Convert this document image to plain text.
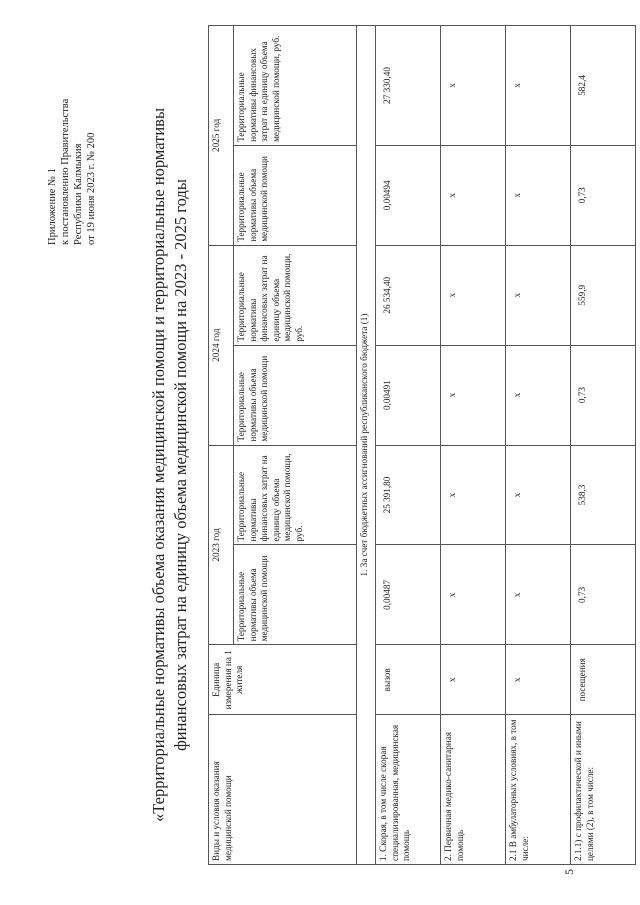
5
Приложение № 1 к постановлению Правительства Республики Калмыкия от 19 июня 2023 г. № 200	«Территориальные нормативы объема оказания медицинской помощи и территориальные нормативы финансовых затрат на единицу объема медицинской помощи на 2023 - 2025 годы
Виды и условия оказания медицинской помощи	Единица измерения на 1 жителя	2023 год		2024 год		2025 год	
		Территориальные нормативы объема медицинской помощи	Территориальные нормативы финансовых затрат на единицу объема медицинской помощи, руб.	Территориальные нормативы объема медицинской помощи	Территориальные нормативы финансовых затрат на единицу объема медицинской помощи, руб.	Территориальные нормативы объема медицинской помощи	Территориальные нормативы финансовых затрат на единицу объема медицинской помощи, руб.
1. За счет бюджетных ассигнований республиканского бюджета (1)							
1. Скорая, в том числе скорая специализированная, медицинская помощь	вызов	0,00487	25 391,80	0,00491	26 534,40	0,00494	27 330,40
2. Первичная медико-санитарная помощь	x	x	x	x	x	x	x
2.1 В амбулаторных условиях, в том числе:	x	x	x	x	x	x	x
2.1.1) с профилактической и иными целями (2), в том числе:	посещения	0,73	538,3	0,73	559,9	0,73	582,4
